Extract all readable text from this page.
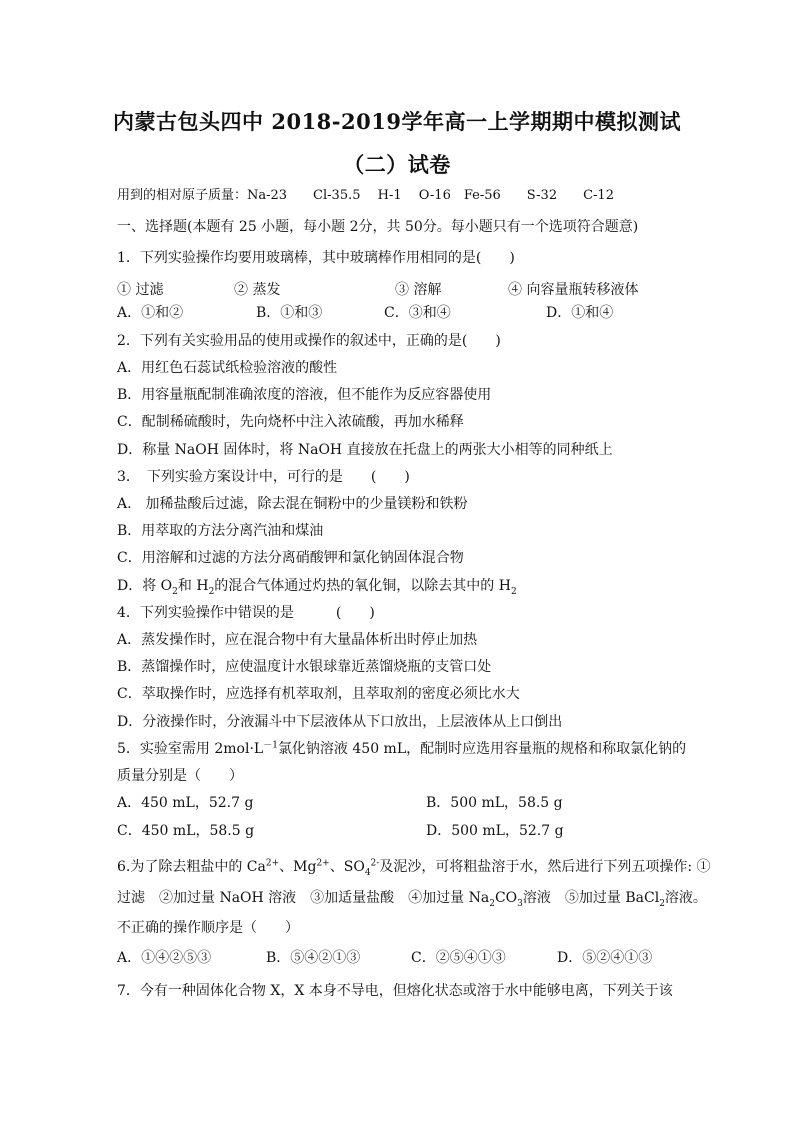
内蒙古包头四中 2018-2019学年高一上学期期中模拟测试
（二）试卷
用到的相对原子质量：Na-23　　Cl-35.5　 H-1　 O-16　Fe-56　　S-32　　C-12
一、选择题(本题有 25 小题，每小题 2分，共 50分。每小题只有一个选项符合题意)
1．下列实验操作均要用玻璃棒，其中玻璃棒作用相同的是(　　)
① 过滤	② 蒸发	③ 溶解	④ 向容量瓶转移液体
A．①和②	B．①和③	C．③和④	D．①和④
2．下列有关实验用品的使用或操作的叙述中，正确的是(　　)
A．用红色石蕊试纸检验溶液的酸性
B．用容量瓶配制准确浓度的溶液，但不能作为反应容器使用
C．配制稀硫酸时，先向烧杯中注入浓硫酸，再加水稀释
D．称量 NaOH 固体时，将 NaOH 直接放在托盘上的两张大小相等的同种纸上
3．　下列实验方案设计中，可行的是　　(　　)
A.　加稀盐酸后过滤，除去混在铜粉中的少量镁粉和铁粉
B．用萃取的方法分离汽油和煤油
C．用溶解和过滤的方法分离硝酸钾和氯化钠固体混合物
D．将 $O_2$和 $H_2$的混合气体通过灼热的氧化铜，以除去其中的 $H_2$
4．下列实验操作中错误的是　　　(　　)
A．蒸发操作时，应在混合物中有大量晶体析出时停止加热
B．蒸馏操作时，应使温度计水银球靠近蒸馏烧瓶的支管口处
C．萃取操作时，应选择有机萃取剂，且萃取剂的密度必须比水大
D．分液操作时，分液漏斗中下层液体从下口放出，上层液体从上口倒出
5．实验室需用 $2mol\cdot L^{-1}$氯化钠溶液 450 mL，配制时应选用容量瓶的规格和称取氯化钠的
质量分别是（　　）
A．450 mL，52.7 g	B．500 mL，58.5 g
C．450 mL，58.5 g	D．500 mL，52.7 g
6.为了除去粗盐中的 $Ca^{2+}$、$Mg^{2+}$、$SO_4^{2-}$及泥沙，可将粗盐溶于水，然后进行下列五项操作: ①
过滤　②加过量 NaOH 溶液　③加适量盐酸　④加过量 $Na_2CO_3$溶液　⑤加过量 BaCl$_2$溶液。
不正确的操作顺序是（　　）
A．①④②⑤③	B．⑤④②①③	C．②⑤④①③	D．⑤②④①③
7．今有一种固体化合物 X，X 本身不导电，但熔化状态或溶于水中能够电离，下列关于该
